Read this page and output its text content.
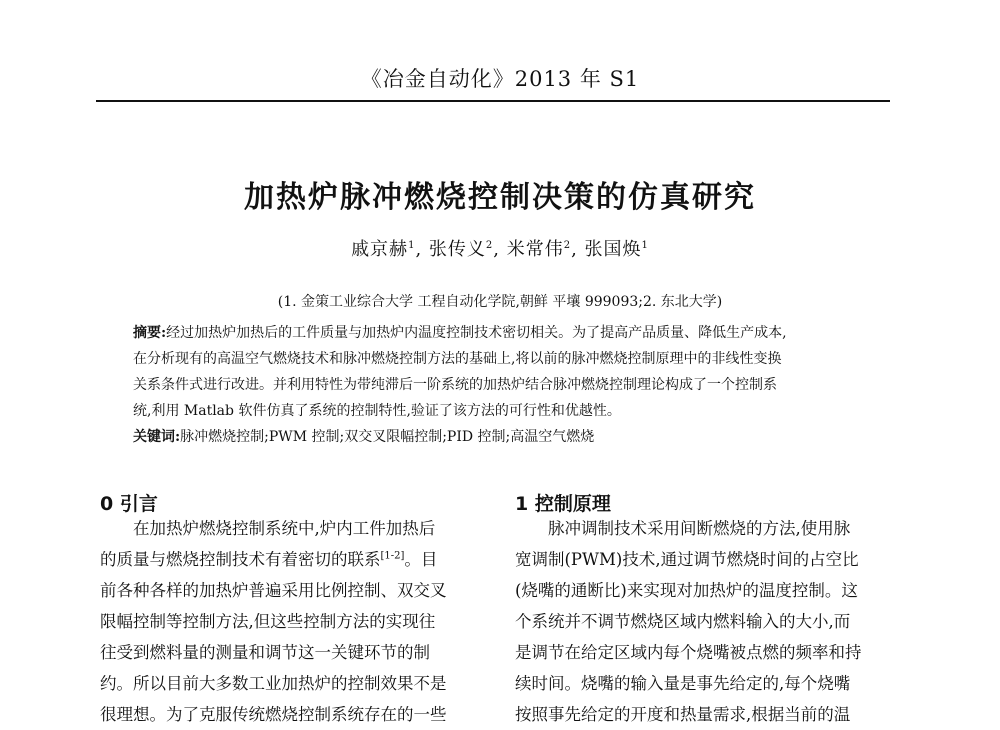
《冶金自动化》2013 年 S1
加热炉脉冲燃烧控制决策的仿真研究
戚京赫$^1$, 张传义$^2$, 米常伟$^2$, 张国焕$^1$
(1. 金策工业综合大学 工程自动化学院,朝鲜 平壤 999093;2. 东北大学)
摘要:经过加热炉加热后的工件质量与加热炉内温度控制技术密切相关。为了提高产品质量、降低生产成本,
在分析现有的高温空气燃烧技术和脉冲燃烧控制方法的基础上,将以前的脉冲燃烧控制原理中的非线性变换
关系条件式进行改进。并利用特性为带纯滞后一阶系统的加热炉结合脉冲燃烧控制理论构成了一个控制系
统,利用 Matlab 软件仿真了系统的控制特性,验证了该方法的可行性和优越性。
关键词:脉冲燃烧控制;PWM 控制;双交叉限幅控制;PID 控制;高温空气燃烧
0 引言	1 控制原理
在加热炉燃烧控制系统中,炉内工件加热后
的质量与燃烧控制技术有着密切的联系[1-2]。目
前各种各样的加热炉普遍采用比例控制、双交叉
限幅控制等控制方法,但这些控制方法的实现往
往受到燃料量的测量和调节这一关键环节的制
约。所以目前大多数工业加热炉的控制效果不是
很理想。为了克服传统燃烧控制系统存在的一些
脉冲调制技术采用间断燃烧的方法,使用脉
宽调制(PWM)技术,通过调节燃烧时间的占空比
(烧嘴的通断比)来实现对加热炉的温度控制。这
个系统并不调节燃烧区域内燃料输入的大小,而
是调节在给定区域内每个烧嘴被点燃的频率和持
续时间。烧嘴的输入量是事先给定的,每个烧嘴
按照事先给定的开度和热量需求,根据当前的温
